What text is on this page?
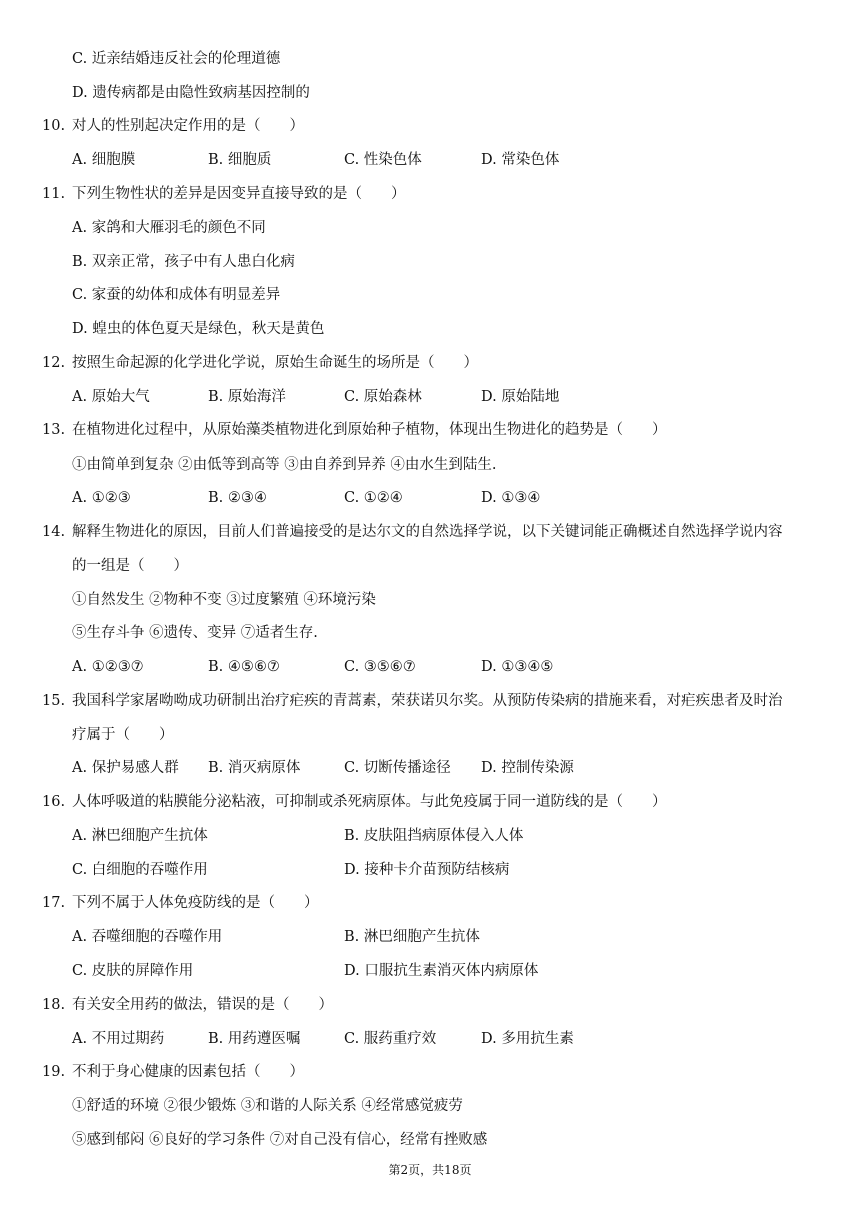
C. 近亲结婚违反社会的伦理道德
D. 遗传病都是由隐性致病基因控制的
10. 对人的性别起决定作用的是（　　）
A. 细胞膜	B. 细胞质	C. 性染色体	D. 常染色体
11. 下列生物性状的差异是因变异直接导致的是（　　）
A. 家鸽和大雁羽毛的颜色不同
B. 双亲正常，孩子中有人患白化病
C. 家蚕的幼体和成体有明显差异
D. 蝗虫的体色夏天是绿色，秋天是黄色
12. 按照生命起源的化学进化学说，原始生命诞生的场所是（　　）
A. 原始大气	B. 原始海洋	C. 原始森林	D. 原始陆地
13. 在植物进化过程中，从原始藻类植物进化到原始种子植物，体现出生物进化的趋势是（　　）
①由简单到复杂 ②由低等到高等 ③由自养到异养 ④由水生到陆生.
A. ①②③	B. ②③④	C. ①②④	D. ①③④
14. 解释生物进化的原因，目前人们普遍接受的是达尔文的自然选择学说，以下关键词能正确概述自然选择学说内容
的一组是（　　）
①自然发生 ②物种不变 ③过度繁殖 ④环境污染
⑤生存斗争 ⑥遗传、变异 ⑦适者生存.
A. ①②③⑦	B. ④⑤⑥⑦	C. ③⑤⑥⑦	D. ①③④⑤
15. 我国科学家屠呦呦成功研制出治疗疟疾的青蒿素，荣获诺贝尔奖。从预防传染病的措施来看，对疟疾患者及时治
疗属于（　　）
A. 保护易感人群 B. 消灭病原体	C. 切断传播途径 D. 控制传染源
16. 人体呼吸道的粘膜能分泌粘液，可抑制或杀死病原体。与此免疫属于同一道防线的是（　　）
A. 淋巴细胞产生抗体	B. 皮肤阻挡病原体侵入人体
C. 白细胞的吞噬作用	D. 接种卡介苗预防结核病
17. 下列不属于人体免疫防线的是（　　）
A. 吞噬细胞的吞噬作用	B. 淋巴细胞产生抗体
C. 皮肤的屏障作用	D. 口服抗生素消灭体内病原体
18. 有关安全用药的做法，错误的是（　　）
A. 不用过期药	B. 用药遵医嘱	C. 服药重疗效	D. 多用抗生素
19. 不利于身心健康的因素包括（　　）
①舒适的环境 ②很少锻炼 ③和谐的人际关系 ④经常感觉疲劳
⑤感到郁闷 ⑥良好的学习条件 ⑦对自己没有信心，经常有挫败感
第2页，共18页
